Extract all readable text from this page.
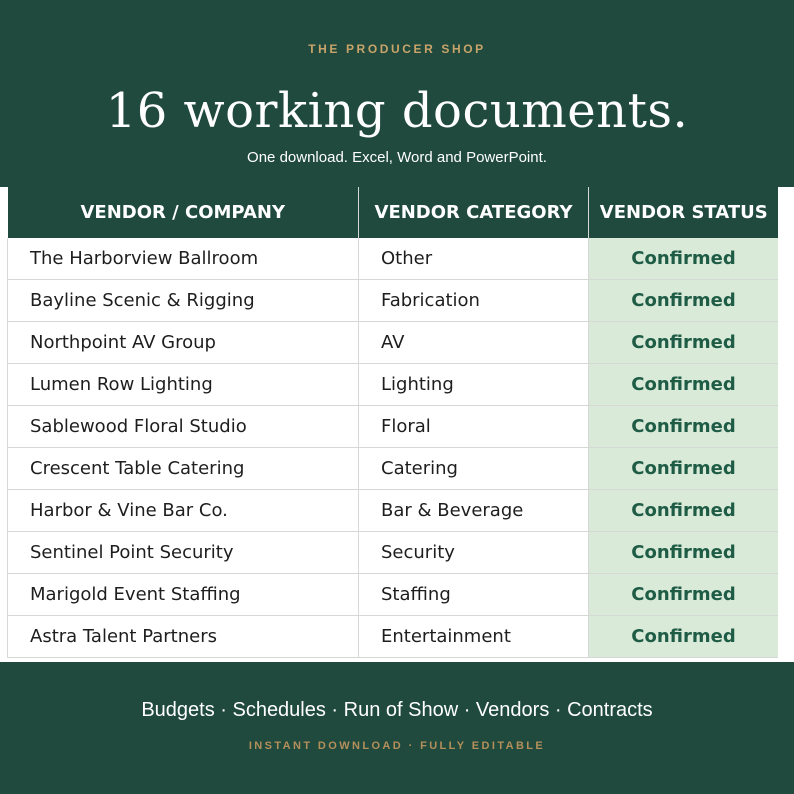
THE PRODUCER SHOP
16 working documents.
One download. Excel, Word and PowerPoint.
VENDOR / COMPANY	VENDOR CATEGORY	VENDOR STATUS
The Harborview Ballroom	Other	Confirmed
Bayline Scenic & Rigging	Fabrication	Confirmed
Northpoint AV Group	AV	Confirmed
Lumen Row Lighting	Lighting	Confirmed
Sablewood Floral Studio	Floral	Confirmed
Crescent Table Catering	Catering	Confirmed
Harbor & Vine Bar Co.	Bar & Beverage	Confirmed
Sentinel Point Security	Security	Confirmed
Marigold Event Staffing	Staffing	Confirmed
Astra Talent Partners	Entertainment	Confirmed
Budgets · Schedules · Run of Show · Vendors · Contracts
INSTANT DOWNLOAD · FULLY EDITABLE
